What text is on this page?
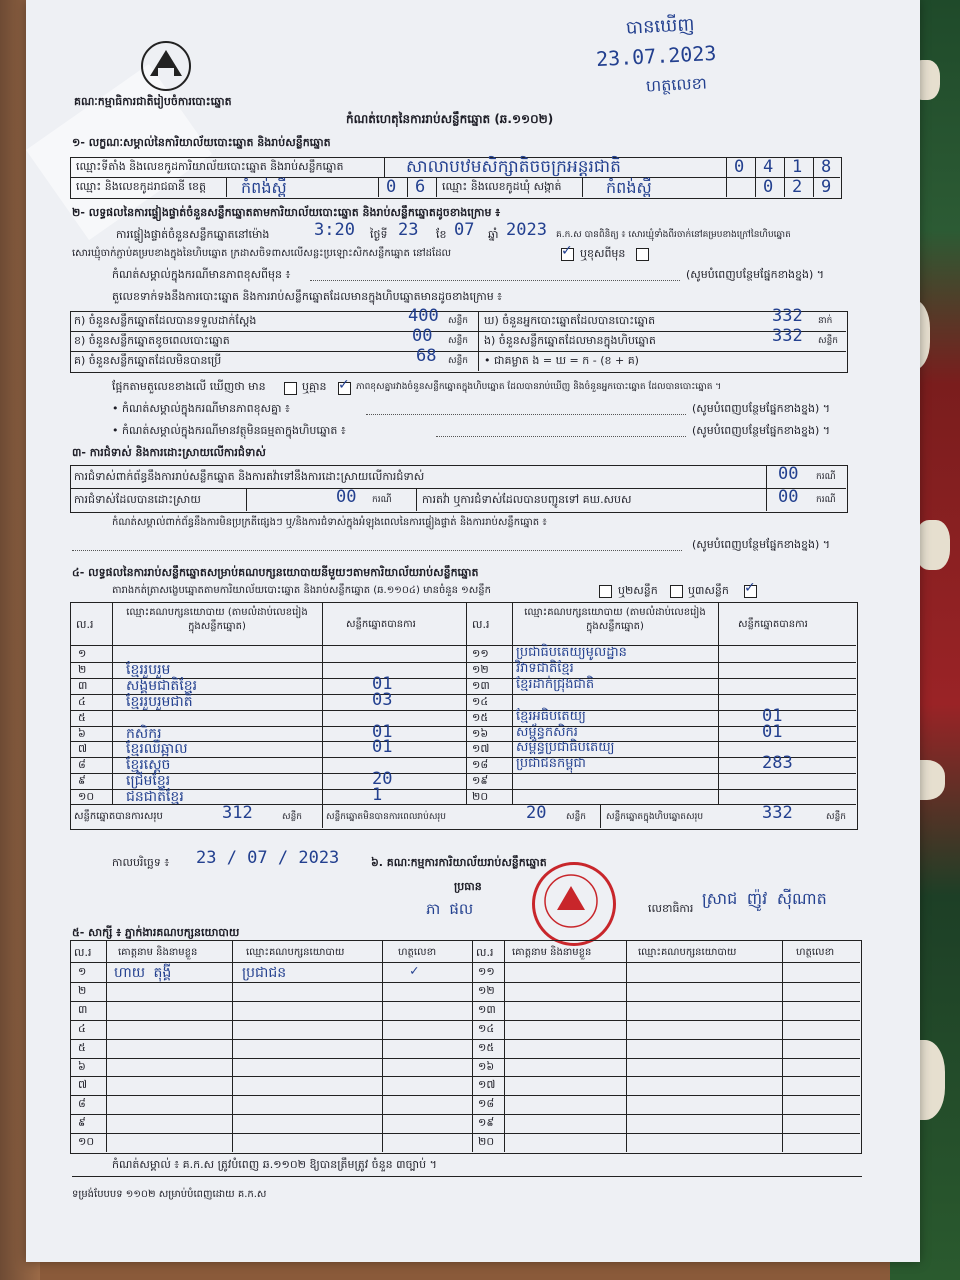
បានឃើញ
23.07.2023
ហត្ថលេខា
គណៈកម្មាធិការជាតិរៀបចំការបោះឆ្នោត
កំណត់ហេតុនៃការរាប់សន្លឹកឆ្នោត (ឆ.១១០២)
១- លក្ខណៈសម្គាល់នៃការិយាល័យបោះឆ្នោត និងរាប់សន្លឹកឆ្នោត
ឈ្មោះទីតាំង និងលេខកូដការិយាល័យបោះឆ្នោត និងរាប់សន្លឹកឆ្នោត	សាលាបឋមសិក្សាតិចចក្រអន្តរជាតិ	0 4 1 8
ឈ្មោះ និងលេខកូដរាជធានី ខេត្ត កំពង់ស្ពឺ	0 6 ឈ្មោះ និងលេខកូដឃុំ សង្កាត់	កំពង់ស្ពឺ	0 2 9
២- លទ្ធផលនៃការផ្ទៀងផ្ទាត់ចំនួនសន្លឹកឆ្នោតតាមការិយាល័យបោះឆ្នោត និងរាប់សន្លឹកឆ្នោតដូចខាងក្រោម ៖
ការផ្ទៀងផ្ទាត់ចំនួនសន្លឹកឆ្នោតនៅម៉ោង	3:20 ថ្ងៃទី 23 ខែ 07 ឆ្នាំ 2023 គ.ក.ស បានពិនិត្យ ៖ សោរឃ្មុំទាំងពីរចាក់នៅគម្របខាងក្រៅនៃហិបឆ្នោត
សោរឃ្មុំចាក់ភ្ជាប់គម្របខាងក្នុងនៃហិបឆ្នោត ក្រដាសចិទពាសលើសន្លះប្រឡោះសិកសន្លឹកឆ្នោត នៅដដែល	✓ ឬខុសពីមុន
កំណត់សម្គាល់ក្នុងករណីមានភាពខុសពីមុន ៖	(សូមបំពេញបន្ថែមផ្នែកខាងខ្នង) ។
តួលេខទាក់ទងនឹងការបោះឆ្នោត និងការរាប់សន្លឹកឆ្នោតដែលមានក្នុងហិបឆ្នោតមានដូចខាងក្រោម ៖
ក) ចំនួនសន្លឹកឆ្នោតដែលបានទទួលដាក់ស្ដែង	400 សន្លឹក ឃ) ចំនួនអ្នកបោះឆ្នោតដែលបានបោះឆ្នោត	332 នាក់
ខ) ចំនួនសន្លឹកឆ្នោតខូចពេលបោះឆ្នោត	00 សន្លឹក ង) ចំនួនសន្លឹកឆ្នោតដែលមានក្នុងហិបឆ្នោត	332 សន្លឹក
គ) ចំនួនសន្លឹកឆ្នោតដែលមិនបានប្រើ	68 សន្លឹក • ជាគម្លាត ង = ឃ = ក - (ខ + គ)
ផ្អែកតាមតួលេខខាងលើ ឃើញថា មាន	ឬគ្មាន ✓ ភាពខុសគ្នារវាងចំនួនសន្លឹកឆ្នោតក្នុងហិបឆ្នោត ដែលបានរាប់ឃើញ និងចំនួនអ្នកបោះឆ្នោត ដែលបានបោះឆ្នោត ។
• កំណត់សម្គាល់ក្នុងករណីមានភាពខុសគ្នា ៖	(សូមបំពេញបន្ថែមផ្នែកខាងខ្នង) ។
• កំណត់សម្គាល់ក្នុងករណីមានវត្ថុមិនធម្មតាក្នុងហិបឆ្នោត ៖	(សូមបំពេញបន្ថែមផ្នែកខាងខ្នង) ។
៣- ការជំទាស់ និងការដោះស្រាយលើការជំទាស់
ការជំទាស់ពាក់ព័ន្ធនឹងការរាប់សន្លឹកឆ្នោត និងការតវ៉ាទៅនឹងការដោះស្រាយលើការជំទាស់	00 ករណី
ការជំទាស់ដែលបានដោះស្រាយ	00 ករណី	ការតវ៉ា ឬការជំទាស់ដែលបានបញ្ជូនទៅ គឃ.សបស	00 ករណី
កំណត់សម្គាល់ពាក់ព័ន្ធនឹងការមិនប្រក្រតីផ្សេងៗ ឬ/និងការជំទាស់ក្នុងអំឡុងពេលនៃការផ្ទៀងផ្ទាត់ និងការរាប់សន្លឹកឆ្នោត ៖
(សូមបំពេញបន្ថែមផ្នែកខាងខ្នង) ។
៤- លទ្ធផលនៃការរាប់សន្លឹកឆ្នោតសម្រាប់គណបក្សនយោបាយនីមួយៗតាមការិយាល័យរាប់សន្លឹកឆ្នោត
តារាងកត់ត្រាសង្ខេបឆ្នោតតាមការិយាល័យបោះឆ្នោត និងរាប់សន្លឹកឆ្នោត (ឆ.១១០៤) មានចំនួន ១សន្លឹក	ឬ២សន្លឹក	ឬ៣សន្លឹក ✓
ល.រ
ឈ្មោះគណបក្សនយោបាយ (តាមលំដាប់លេខរៀងក្នុងសន្លឹកឆ្នោត)	សន្លឹកឆ្នោតបានការ	ល.រ
ឈ្មោះគណបក្សនយោបាយ (តាមលំដាប់លេខរៀងក្នុងសន្លឹកឆ្នោត)	សន្លឹកឆ្នោតបានការ
១
២	ខ្មែររួបរួម
៣	សង្គមជាតិខ្មែរ	01
៤	ខ្មែររួបរួមជាតិ	03
៥
៦	កសិករ	01
៧	ខ្មែរឈឺឆ្អាល	01
៨	ខ្មែរស្ដេច
៩	ជ្រើមខ្មែរ	20
១០ ជនជាតិខ្មែរ	1
១១ ប្រជាធិបតេយ្យមូលដ្ឋាន
១២ វិវាទជាតិខ្មែរ
១៣ ខ្មែរដាក់ជ្រុងជាតិ
១៤
១៥ ខ្មែរអធិបតេយ្យ	01
១៦ សម្ព័ន្ធកសិករ	01
១៧ សម្ព័ន្ធប្រជាធិបតេយ្យ
១៨ ប្រជាជនកម្ពុជា	283
១៩
២០
សន្លឹកឆ្នោតបានការសរុប	312	សន្លឹក	សន្លឹកឆ្នោតមិនបានការពេលរាប់សរុប	20 សន្លឹក សន្លឹកឆ្នោតក្នុងហិបឆ្នោតសរុប	332	សន្លឹក
កាលបរិច្ឆេទ ៖ 23 / 07 / 2023	៦. គណៈកម្មការការិយាល័យរាប់សន្លឹកឆ្នោត
ប្រធាន
ភា ផល	លេខាធិការ
ស្រាជ ញ៉ូវ ស៊ីណាត
៥- សាក្សី ៖ ភ្នាក់ងារគណបក្សនយោបាយ
ល.រ	គោត្តនាម និងនាមខ្លួន	ឈ្មោះគណបក្សនយោបាយ	ហត្ថលេខា	ល.រ គោត្តនាម និងនាមខ្លួន	ឈ្មោះគណបក្សនយោបាយ	ហត្ថលេខា
១ ហាយ តុង្គី	ប្រជាជន	✓	១១
២	១២
៣	១៣
៤	១៤
៥	១៥
៦	១៦
៧	១៧
៨	១៨
៩	១៩
១០	២០
កំណត់សម្គាល់ ៖ គ.ក.ស ត្រូវបំពេញ ឆ.១១០២ ឱ្យបានត្រឹមត្រូវ ចំនួន ៣ច្បាប់ ។
ទម្រង់បែបបទ ១១០២ សម្រាប់បំពេញដោយ គ.ក.ស
